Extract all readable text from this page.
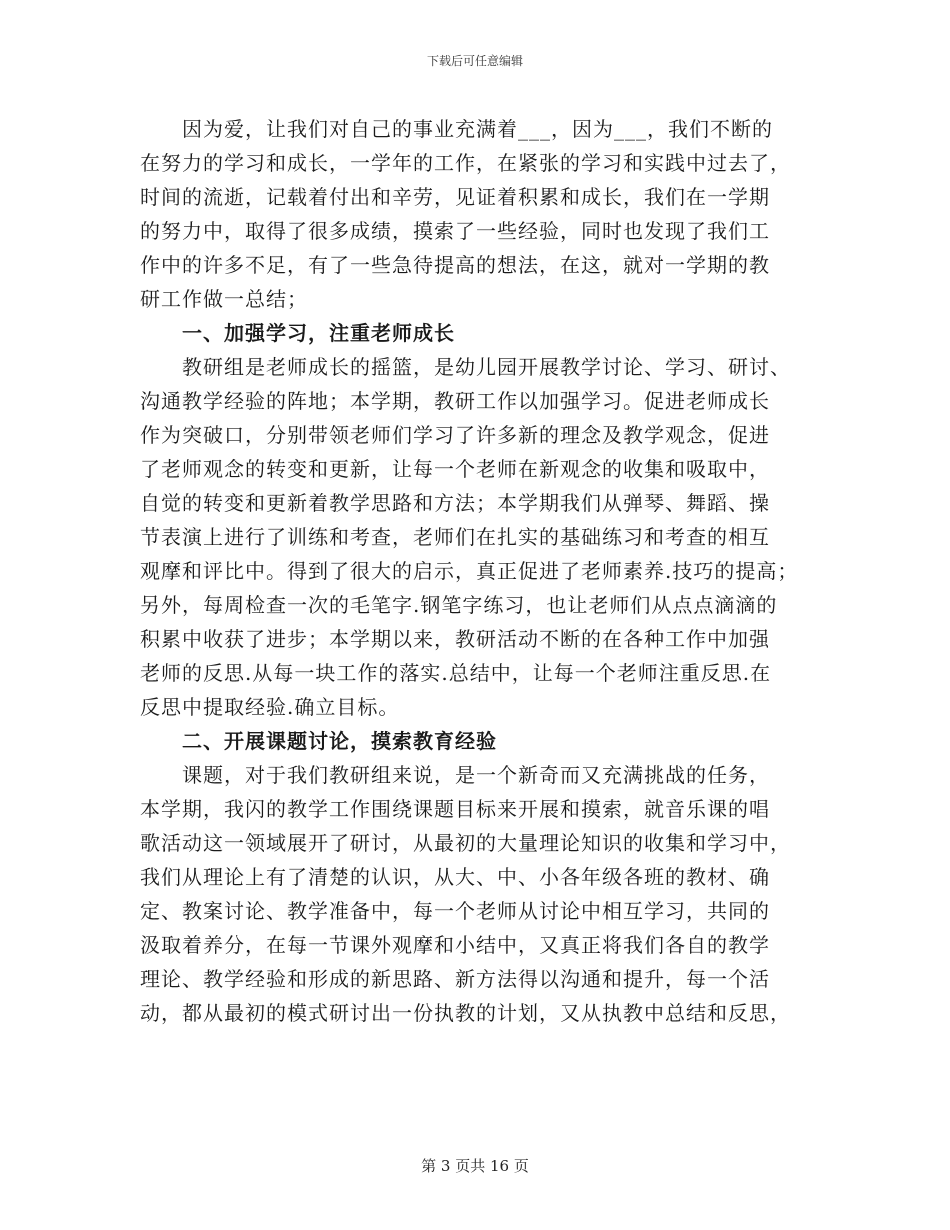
下载后可任意编辑
　　因为爱，让我们对自己的事业充满着___，因为___，我们不断的
在努力的学习和成长，一学年的工作，在紧张的学习和实践中过去了，
时间的流逝，记载着付出和辛劳，见证着积累和成长，我们在一学期
的努力中，取得了很多成绩，摸索了一些经验，同时也发现了我们工
作中的许多不足，有了一些急待提高的想法，在这，就对一学期的教
研工作做一总结；
　　一、加强学习，注重老师成长
　　教研组是老师成长的摇篮，是幼儿园开展教学讨论、学习、研讨、
沟通教学经验的阵地；本学期，教研工作以加强学习。促进老师成长
作为突破口，分别带领老师们学习了许多新的理念及教学观念，促进
了老师观念的转变和更新，让每一个老师在新观念的收集和吸取中，
自觉的转变和更新着教学思路和方法；本学期我们从弹琴、舞蹈、操
节表演上进行了训练和考查，老师们在扎实的基础练习和考查的相互
观摩和评比中。得到了很大的启示，真正促进了老师素养.技巧的提高；
另外，每周检查一次的毛笔字.钢笔字练习，也让老师们从点点滴滴的
积累中收获了进步；本学期以来，教研活动不断的在各种工作中加强
老师的反思.从每一块工作的落实.总结中，让每一个老师注重反思.在
反思中提取经验.确立目标。
　　二、开展课题讨论，摸索教育经验
　　课题，对于我们教研组来说，是一个新奇而又充满挑战的任务，
本学期，我闪的教学工作围绕课题目标来开展和摸索，就音乐课的唱
歌活动这一领域展开了研讨，从最初的大量理论知识的收集和学习中，
我们从理论上有了清楚的认识，从大、中、小各年级各班的教材、确
定、教案讨论、教学准备中，每一个老师从讨论中相互学习，共同的
汲取着养分，在每一节课外观摩和小结中，又真正将我们各自的教学
理论、教学经验和形成的新思路、新方法得以沟通和提升，每一个活
动，都从最初的模式研讨出一份执教的计划，又从执教中总结和反思，
第 3 页共 16 页
